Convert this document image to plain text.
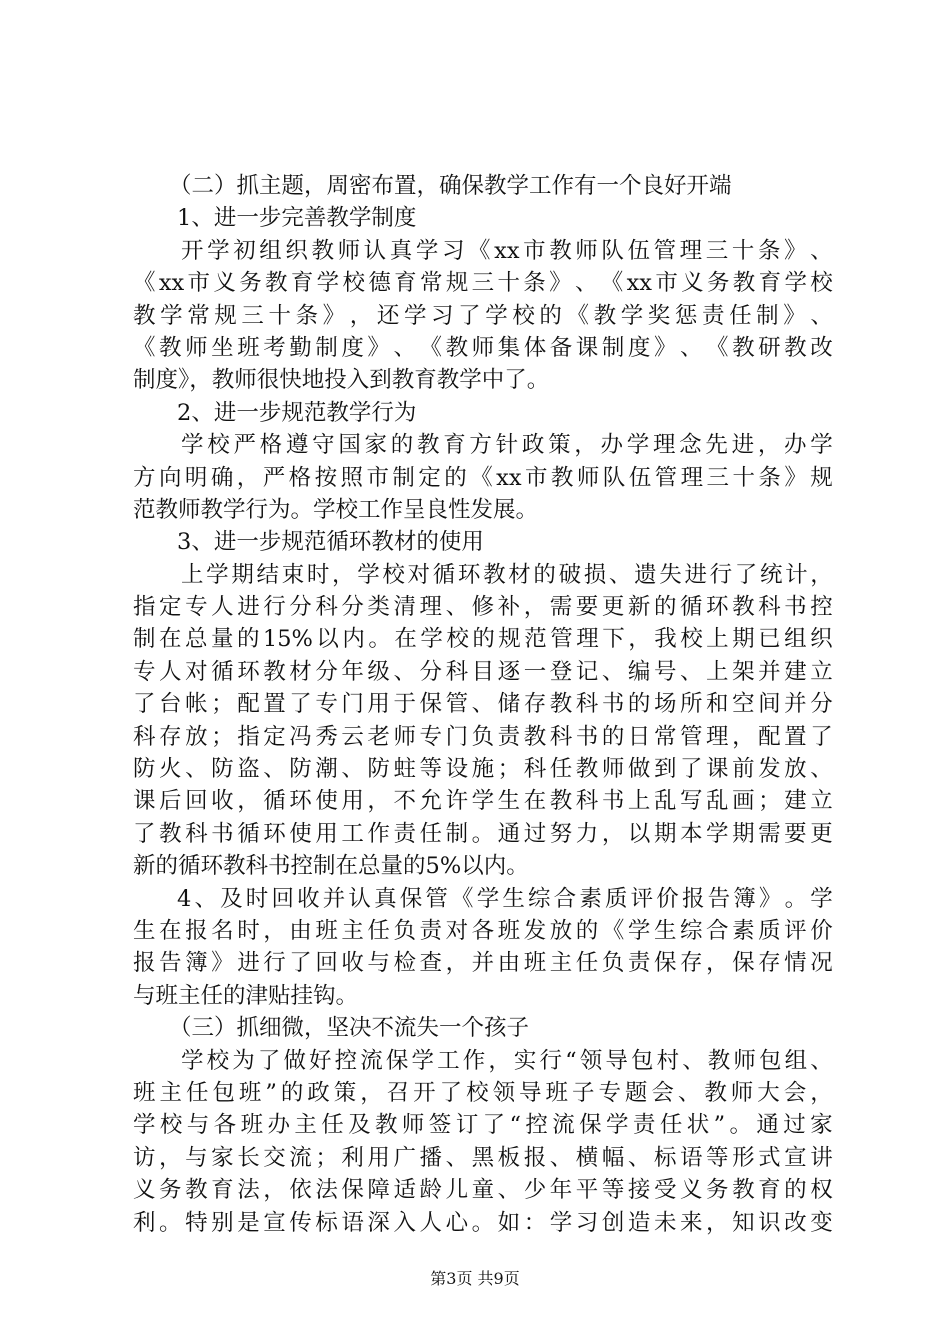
（二）抓主题，周密布置，确保教学工作有一个良好开端
1、进一步完善教学制度
开 学 初 组 织 教 师 认 真 学 习 《 xx 市 教 师 队 伍 管 理 三 十 条 》 、
《 xx 市 义 务 教 育 学 校 德 育 常 规 三 十 条 》 、 《 xx 市 义 务 教 育 学 校
教 学 常 规 三 十 条 》 ， 还 学 习 了 学 校 的 《 教 学 奖 惩 责 任 制 》 、
《 教 师 坐 班 考 勤 制 度 》 、 《 教 师 集 体 备 课 制 度 》 、 《 教 研 教 改
制度》，教师很快地投入到教育教学中了。
2、进一步规范教学行为
学 校 严 格 遵 守 国 家 的 教 育 方 针 政 策 ， 办 学 理 念 先 进 ， 办 学
方 向 明 确 ， 严 格 按 照 市 制 定 的 《 xx 市 教 师 队 伍 管 理 三 十 条 》 规
范教师教学行为。学校工作呈良性发展。
3、进一步规范循环教材的使用
上 学 期 结 束 时 ， 学 校 对 循 环 教 材 的 破 损 、 遗 失 进 行 了 统 计 ，
指 定 专 人 进 行 分 科 分 类 清 理 、 修 补 ， 需 要 更 新 的 循 环 教 科 书 控
制 在 总 量 的 15% 以 内 。 在 学 校 的 规 范 管 理 下 ， 我 校 上 期 已 组 织
专 人 对 循 环 教 材 分 年 级 、 分 科 目 逐 一 登 记 、 编 号 、 上 架 并 建 立
了 台 帐 ； 配 置 了 专 门 用 于 保 管 、 储 存 教 科 书 的 场 所 和 空 间 并 分
科 存 放 ； 指 定 冯 秀 云 老 师 专 门 负 责 教 科 书 的 日 常 管 理 ， 配 置 了
防 火 、 防 盗 、 防 潮 、 防 蛀 等 设 施 ； 科 任 教 师 做 到 了 课 前 发 放 、
课 后 回 收 ， 循 环 使 用 ， 不 允 许 学 生 在 教 科 书 上 乱 写 乱 画 ； 建 立
了 教 科 书 循 环 使 用 工 作 责 任 制 。 通 过 努 力 ， 以 期 本 学 期 需 要 更
新的循环教科书控制在总量的5%以内。
4 、 及 时 回 收 并 认 真 保 管 《 学 生 综 合 素 质 评 价 报 告 簿 》 。 学
生 在 报 名 时 ， 由 班 主 任 负 责 对 各 班 发 放 的 《 学 生 综 合 素 质 评 价
报 告 簿 》 进 行 了 回 收 与 检 查 ， 并 由 班 主 任 负 责 保 存 ， 保 存 情 况
与班主任的津贴挂钩。
（三）抓细微，坚决不流失一个孩子
学 校 为 了 做 好 控 流 保 学 工 作 ， 实 行 “ 领 导 包 村 、 教 师 包 组 、
班 主 任 包 班 ” 的 政 策 ， 召 开 了 校 领 导 班 子 专 题 会 、 教 师 大 会 ，
学 校 与 各 班 办 主 任 及 教 师 签 订 了 “ 控 流 保 学 责 任 状 ” 。 通 过 家
访 ， 与 家 长 交 流 ； 利 用 广 播 、 黑 板 报 、 横 幅 、 标 语 等 形 式 宣 讲
义 务 教 育 法 ， 依 法 保 障 适 龄 儿 童 、 少 年 平 等 接 受 义 务 教 育 的 权
利 。 特 别 是 宣 传 标 语 深 入 人 心 。 如 ： 学 习 创 造 未 来 ， 知 识 改 变
第3页 共9页
